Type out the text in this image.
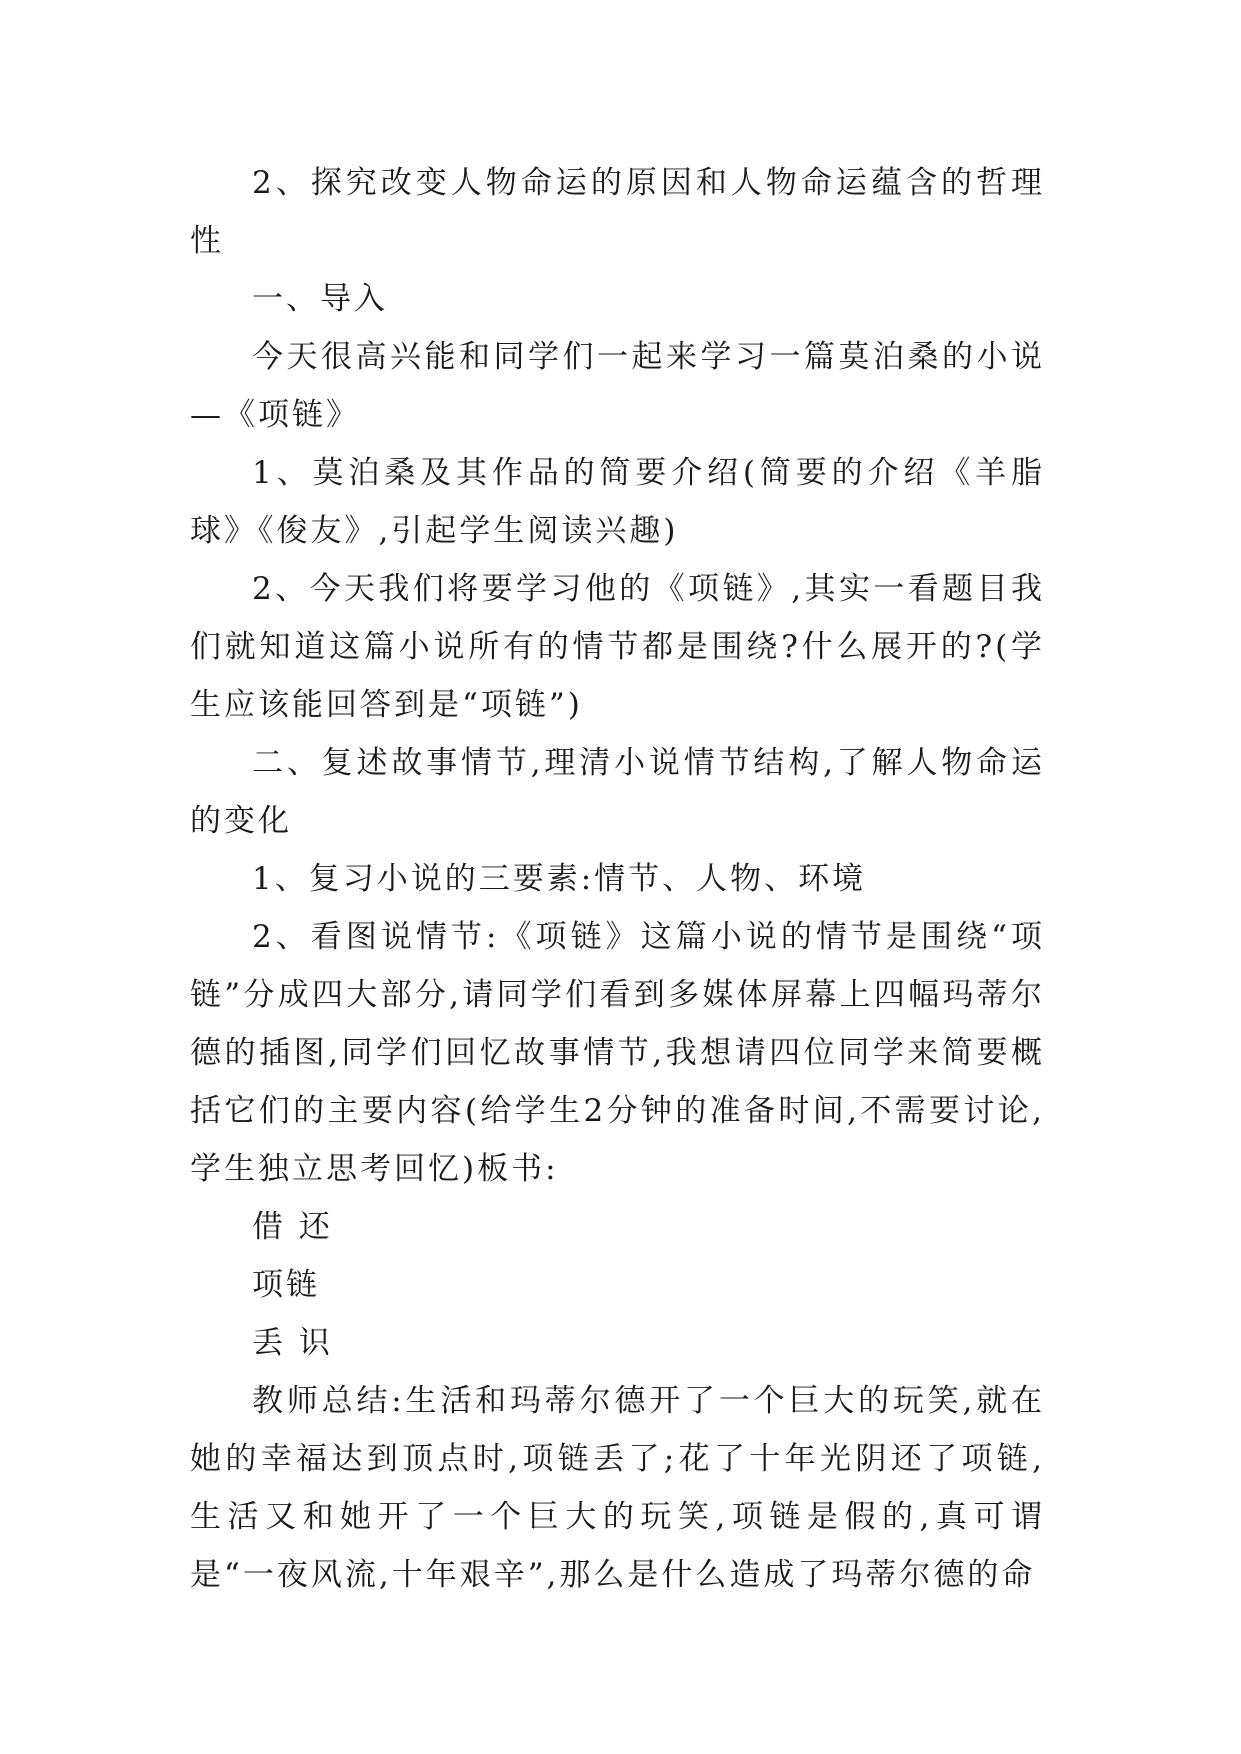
2、探究改变人物命运的原因和人物命运蕴含的哲理性

一、导入

今天很高兴能和同学们一起来学习一篇莫泊桑的小说—《项链》

1、莫泊桑及其作品的简要介绍(简要的介绍《羊脂球》《俊友》,引起学生阅读兴趣)

2、今天我们将要学习他的《项链》,其实一看题目我们就知道这篇小说所有的情节都是围绕?什么展开的?(学生应该能回答到是“项链”)

二、复述故事情节,理清小说情节结构,了解人物命运的变化

1、复习小说的三要素:情节、人物、环境

2、看图说情节:《项链》这篇小说的情节是围绕“项链”分成四大部分,请同学们看到多媒体屏幕上四幅玛蒂尔德的插图,同学们回忆故事情节,我想请四位同学来简要概括它们的主要内容(给学生2分钟的准备时间,不需要讨论,学生独立思考回忆)板书:

借 还

项链

丢 识

教师总结:生活和玛蒂尔德开了一个巨大的玩笑,就在她的幸福达到顶点时,项链丢了;花了十年光阴还了项链,生活又和她开了一个巨大的玩笑,项链是假的,真可谓是“一夜风流,十年艰辛”,那么是什么造成了玛蒂尔德的命
